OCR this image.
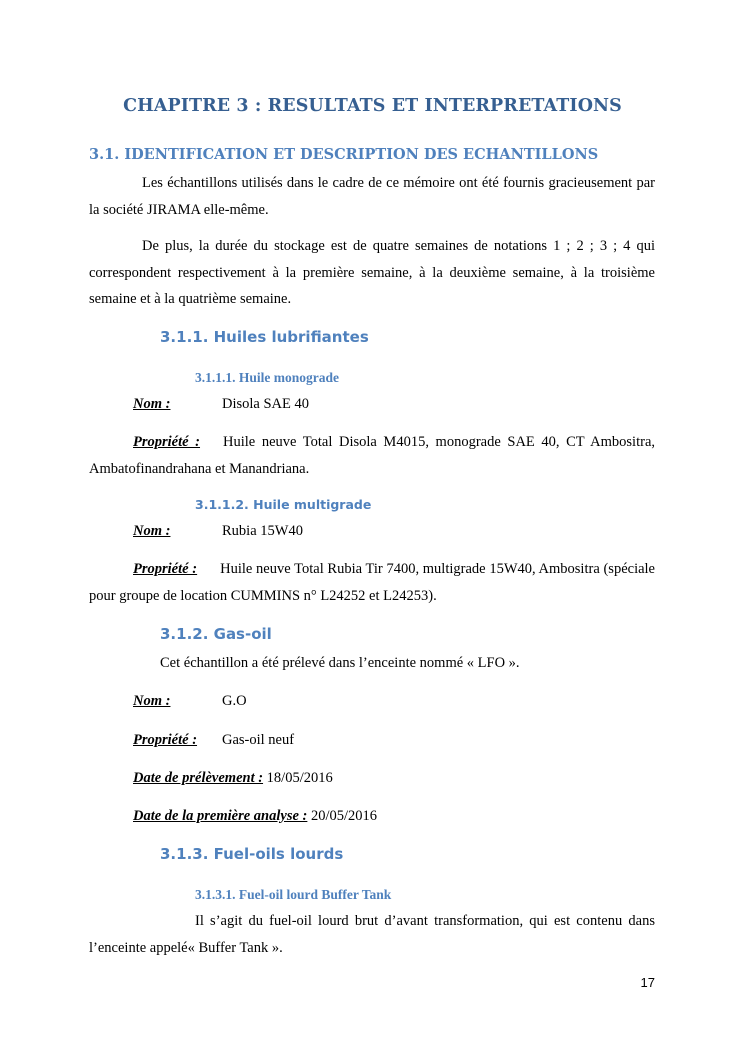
CHAPITRE 3 : RESULTATS ET INTERPRETATIONS
3.1. IDENTIFICATION ET DESCRIPTION DES ECHANTILLONS
Les échantillons utilisés dans le cadre de ce mémoire ont été fournis gracieusement par la société JIRAMA elle-même.
De plus, la durée du stockage est de quatre semaines de notations 1 ; 2 ; 3 ; 4 qui correspondent respectivement à la première semaine, à la deuxième semaine, à la troisième semaine et à la quatrième semaine.
3.1.1. Huiles lubrifiantes
3.1.1.1. Huile monograde
Nom :	Disola SAE 40
Propriété : Huile neuve Total Disola M4015, monograde SAE 40, CT Ambositra, Ambatofinandrahana et Manandriana.
3.1.1.2. Huile multigrade
Nom :	Rubia 15W40
Propriété : Huile neuve Total Rubia Tir 7400, multigrade 15W40, Ambositra (spéciale pour groupe de location CUMMINS n° L24252 et L24253).
3.1.2. Gas-oil
Cet échantillon a été prélevé dans l’enceinte nommé « LFO ».
Nom :	G.O
Propriété : Gas-oil neuf
Date de prélèvement : 18/05/2016
Date de la première analyse : 20/05/2016
3.1.3. Fuel-oils lourds
3.1.3.1. Fuel-oil lourd Buffer Tank
Il s’agit du fuel-oil lourd brut d’avant transformation, qui est contenu dans l’enceinte appelé« Buffer Tank ».
17
